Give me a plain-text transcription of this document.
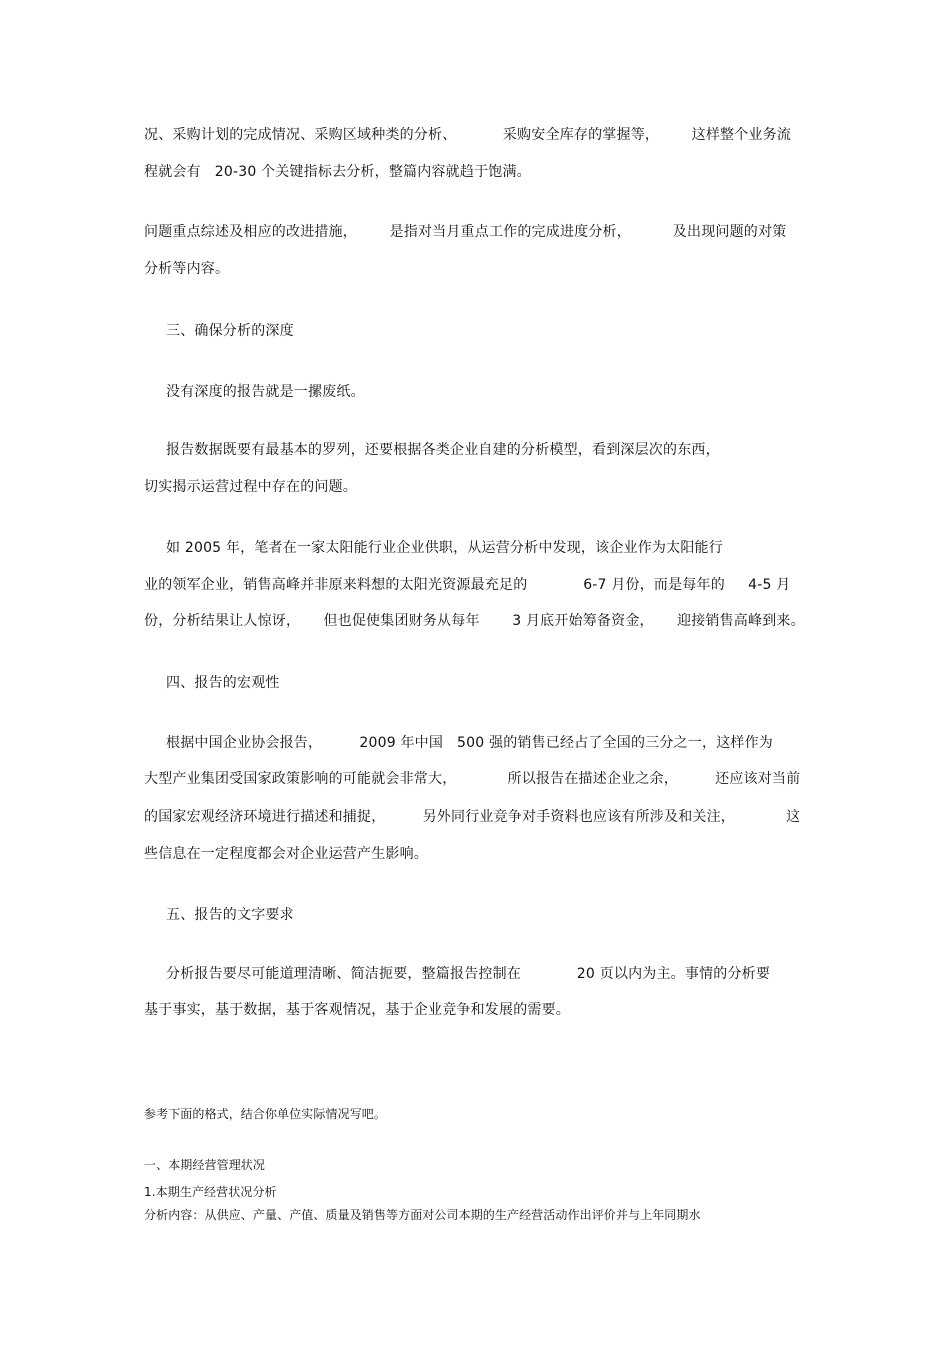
况、采购计划的完成情况、采购区域种类的分析、          采购安全库存的掌握等，       这样整个业务流
程就会有   20-30 个关键指标去分析，整篇内容就趋于饱满。
问题重点综述及相应的改进措施，       是指对当月重点工作的完成进度分析，         及出现问题的对策
分析等内容。
三、确保分析的深度
没有深度的报告就是一摞废纸。
报告数据既要有最基本的罗列，还要根据各类企业自建的分析模型，看到深层次的东西，
切实揭示运营过程中存在的问题。
如 2005 年，笔者在一家太阳能行业企业供职，从运营分析中发现，该企业作为太阳能行
业的领军企业，销售高峰并非原来料想的太阳光资源最充足的            6-7 月份，而是每年的     4-5 月
份，分析结果让人惊讶，     但也促使集团财务从每年       3 月底开始筹备资金，     迎接销售高峰到来。
四、报告的宏观性
根据中国企业协会报告，        2009 年中国   500 强的销售已经占了全国的三分之一，这样作为
大型产业集团受国家政策影响的可能就会非常大，           所以报告在描述企业之余，        还应该对当前
的国家宏观经济环境进行描述和捕捉，        另外同行业竞争对手资料也应该有所涉及和关注，           这
些信息在一定程度都会对企业运营产生影响。
五、报告的文字要求
分析报告要尽可能道理清晰、简洁扼要，整篇报告控制在            20 页以内为主。事情的分析要
基于事实，基于数据，基于客观情况，基于企业竞争和发展的需要。
参考下面的格式，结合你单位实际情况写吧。
一、本期经营管理状况
1.本期生产经营状况分析
分析内容：从供应、产量、产值、质量及销售等方面对公司本期的生产经营活动作出评价并与上年同期水
